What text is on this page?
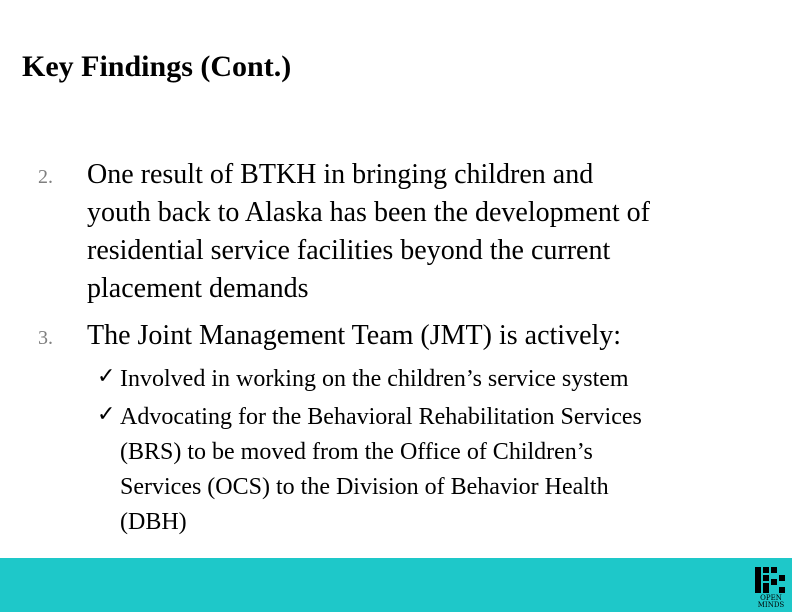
Key Findings (Cont.)
2. One result of BTKH in bringing children and
youth back to Alaska has been the development of
residential service facilities beyond the current
placement demands
3. The Joint Management Team (JMT) is actively:
✓ Involved in working on the children’s service system
✓ Advocating for the Behavioral Rehabilitation Services
(BRS) to be moved from the Office of Children’s
Services (OCS) to the Division of Behavior Health
(DBH)
OPEN
MINDS
